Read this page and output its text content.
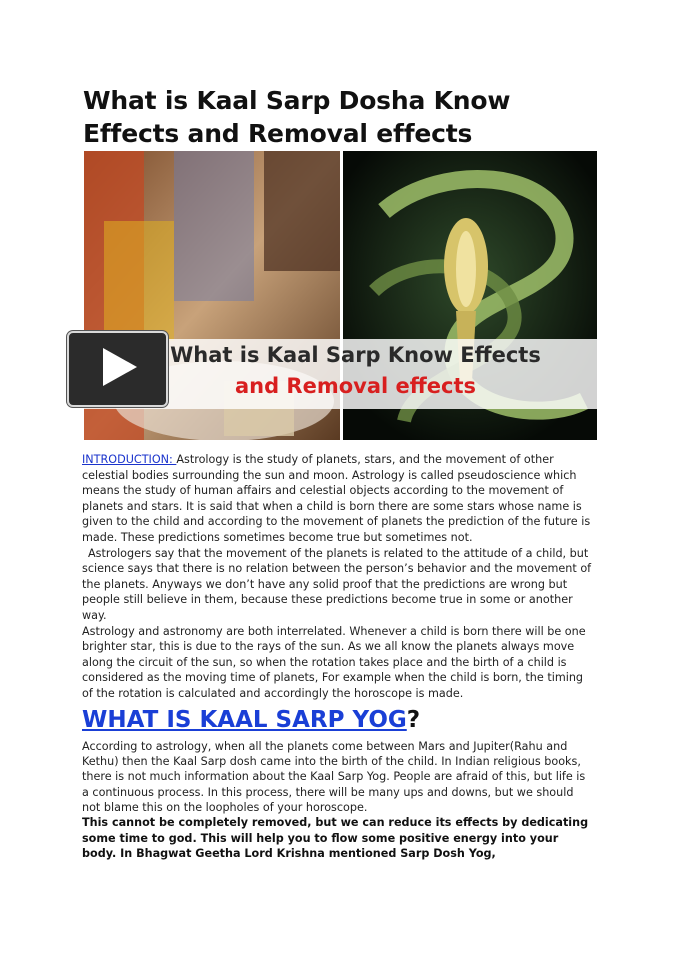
What is Kaal Sarp Dosha Know Effects and Removal effects
What is Kaal Sarp Know Effects
and Removal effects

INTRODUCTION: Astrology is the study of planets, stars, and the movement of other celestial bodies surrounding the sun and moon. Astrology is called pseudoscience which means the study of human affairs and celestial objects according to the movement of planets and stars. It is said that when a child is born there are some stars whose name is given to the child and according to the movement of planets the prediction of the future is made. These predictions sometimes become true but sometimes not.

Astrologers say that the movement of the planets is related to the attitude of a child, but science says that there is no relation between the person’s behavior and the movement of the planets. Anyways we don’t have any solid proof that the predictions are wrong but people still believe in them, because these predictions become true in some or another way.

Astrology and astronomy are both interrelated. Whenever a child is born there will be one brighter star, this is due to the rays of the sun. As we all know the planets always move along the circuit of the sun, so when the rotation takes place and the birth of a child is considered as the moving time of planets, For example when the child is born, the timing of the rotation is calculated and accordingly the horoscope is made.

WHAT IS KAAL SARP YOG?

According to astrology, when all the planets come between Mars and Jupiter(Rahu and Kethu) then the Kaal Sarp dosh came into the birth of the child. In Indian religious books, there is not much information about the Kaal Sarp Yog. People are afraid of this, but life is a continuous process. In this process, there will be many ups and downs, but we should not blame this on the loopholes of your horoscope.

This cannot be completely removed, but we can reduce its effects by dedicating some time to god. This will help you to flow some positive energy into your body. In Bhagwat Geetha Lord Krishna mentioned Sarp Dosh Yog,
